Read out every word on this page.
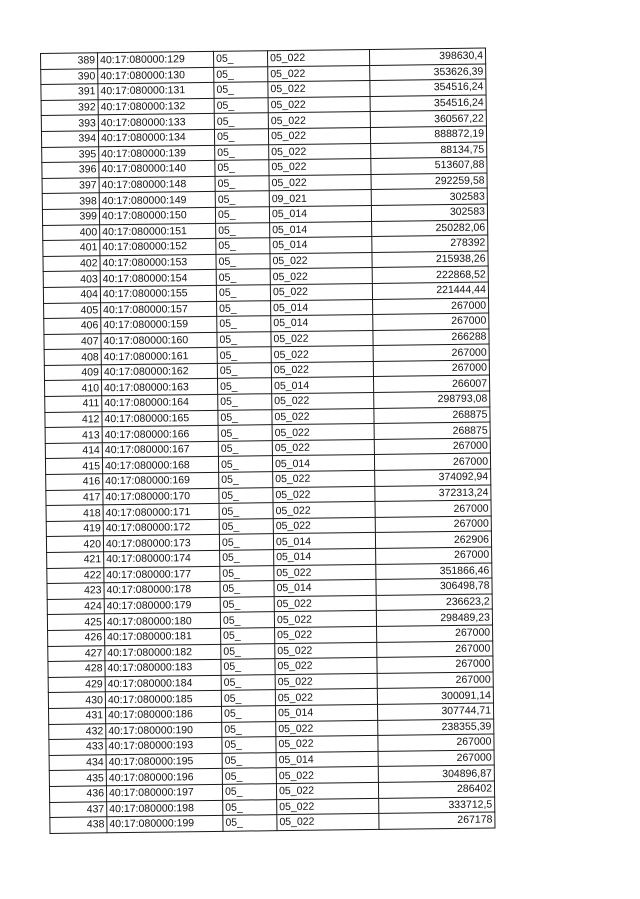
389	40:17:080000:129	05_	05_022	398630,4
390	40:17:080000:130	05_	05_022	353626,39
391	40:17:080000:131	05_	05_022	354516,24
392	40:17:080000:132	05_	05_022	354516,24
393	40:17:080000:133	05_	05_022	360567,22
394	40:17:080000:134	05_	05_022	888872,19
395	40:17:080000:139	05_	05_022	88134,75
396	40:17:080000:140	05_	05_022	513607,88
397	40:17:080000:148	05_	05_022	292259,58
398	40:17:080000:149	05_	09_021	302583
399	40:17:080000:150	05_	05_014	302583
400	40:17:080000:151	05_	05_014	250282,06
401	40:17:080000:152	05_	05_014	278392
402	40:17:080000:153	05_	05_022	215938,26
403	40:17:080000:154	05_	05_022	222868,52
404	40:17:080000:155	05_	05_022	221444,44
405	40:17:080000:157	05_	05_014	267000
406	40:17:080000:159	05_	05_014	267000
407	40:17:080000:160	05_	05_022	266288
408	40:17:080000:161	05_	05_022	267000
409	40:17:080000:162	05_	05_022	267000
410	40:17:080000:163	05_	05_014	266007
411	40:17:080000:164	05_	05_022	298793,08
412	40:17:080000:165	05_	05_022	268875
413	40:17:080000:166	05_	05_022	268875
414	40:17:080000:167	05_	05_022	267000
415	40:17:080000:168	05_	05_014	267000
416	40:17:080000:169	05_	05_022	374092,94
417	40:17:080000:170	05_	05_022	372313,24
418	40:17:080000:171	05_	05_022	267000
419	40:17:080000:172	05_	05_022	267000
420	40:17:080000:173	05_	05_014	262906
421	40:17:080000:174	05_	05_014	267000
422	40:17:080000:177	05_	05_022	351866,46
423	40:17:080000:178	05_	05_014	306498,78
424	40:17:080000:179	05_	05_022	236623,2
425	40:17:080000:180	05_	05_022	298489,23
426	40:17:080000:181	05_	05_022	267000
427	40:17:080000:182	05_	05_022	267000
428	40:17:080000:183	05_	05_022	267000
429	40:17:080000:184	05_	05_022	267000
430	40:17:080000:185	05_	05_022	300091,14
431	40:17:080000:186	05_	05_014	307744,71
432	40:17:080000:190	05_	05_022	238355,39
433	40:17:080000:193	05_	05_022	267000
434	40:17:080000:195	05_	05_014	267000
435	40:17:080000:196	05_	05_022	304896,87
436	40:17:080000:197	05_	05_022	286402
437	40:17:080000:198	05_	05_022	333712,5
438	40:17:080000:199	05_	05_022	267178
